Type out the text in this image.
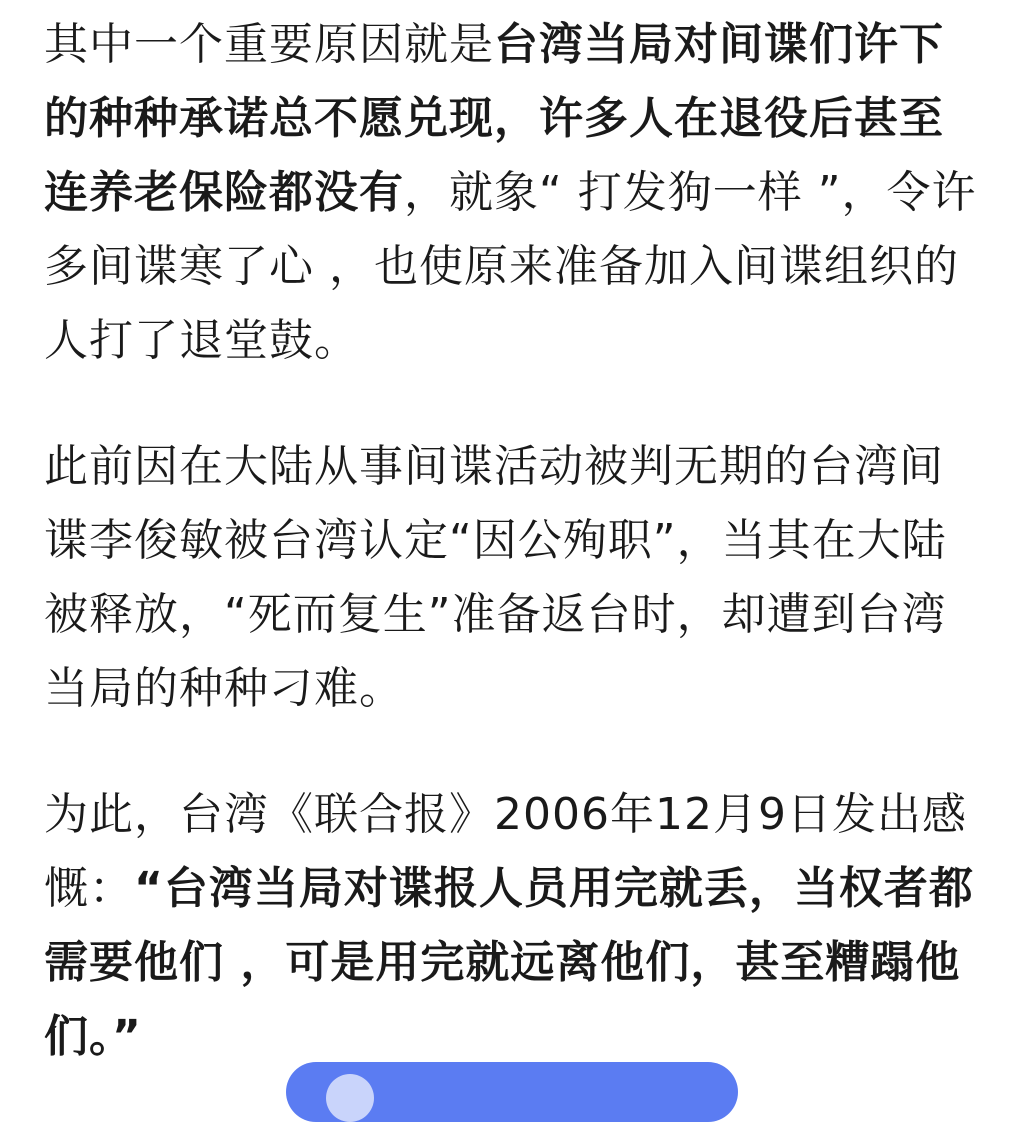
其中一个重要原因就是台湾当局对间谍们许下的种种承诺总不愿兑现，许多人在退役后甚至连养老保险都没有，就象“ 打发狗一样 ”，令许多间谍寒了心 ，也使原来准备加入间谍组织的人打了退堂鼓。

此前因在大陆从事间谍活动被判无期的台湾间谍李俊敏被台湾认定“因公殉职”，当其在大陆被释放，“死而复生”准备返台时，却遭到台湾当局的种种刁难。

为此，台湾《联合报》2006年12月9日发出感慨：“台湾当局对谍报人员用完就丢，当权者都需要他们 ，可是用完就远离他们，甚至糟蹋他们。”
